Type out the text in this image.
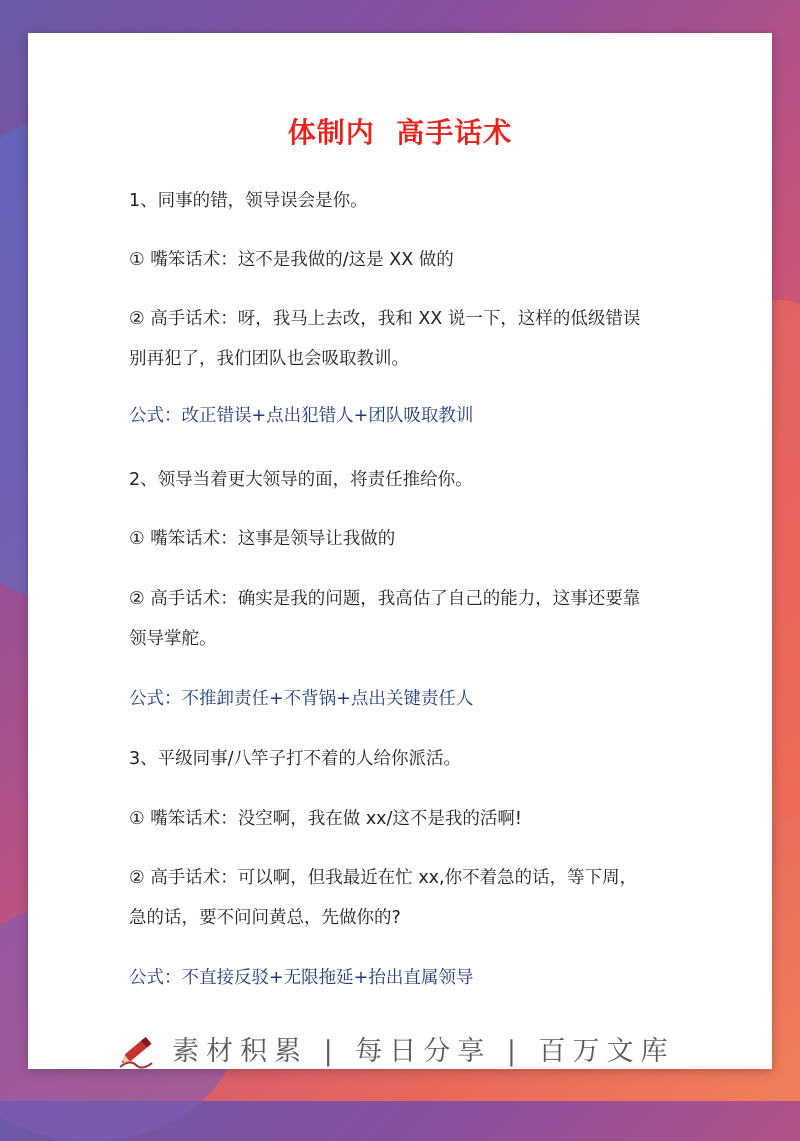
体制内  高手话术

1、同事的错，领导误会是你。

① 嘴笨话术：这不是我做的/这是 XX 做的

② 高手话术：呀，我马上去改，我和 XX 说一下，这样的低级错误

别再犯了，我们团队也会吸取教训。

公式：改正错误+点出犯错人+团队吸取教训

2、领导当着更大领导的面，将责任推给你。

① 嘴笨话术：这事是领导让我做的

② 高手话术：确实是我的问题，我高估了自己的能力，这事还要靠

领导掌舵。

公式：不推卸责任+不背锅+点出关键责任人

3、平级同事/八竿子打不着的人给你派活。

① 嘴笨话术：没空啊，我在做 xx/这不是我的活啊!

② 高手话术：可以啊，但我最近在忙 xx,你不着急的话，等下周，

急的话，要不问问黄总，先做你的?

公式：不直接反驳+无限拖延+抬出直属领导

素材积累 | 每日分享 | 百万文库
